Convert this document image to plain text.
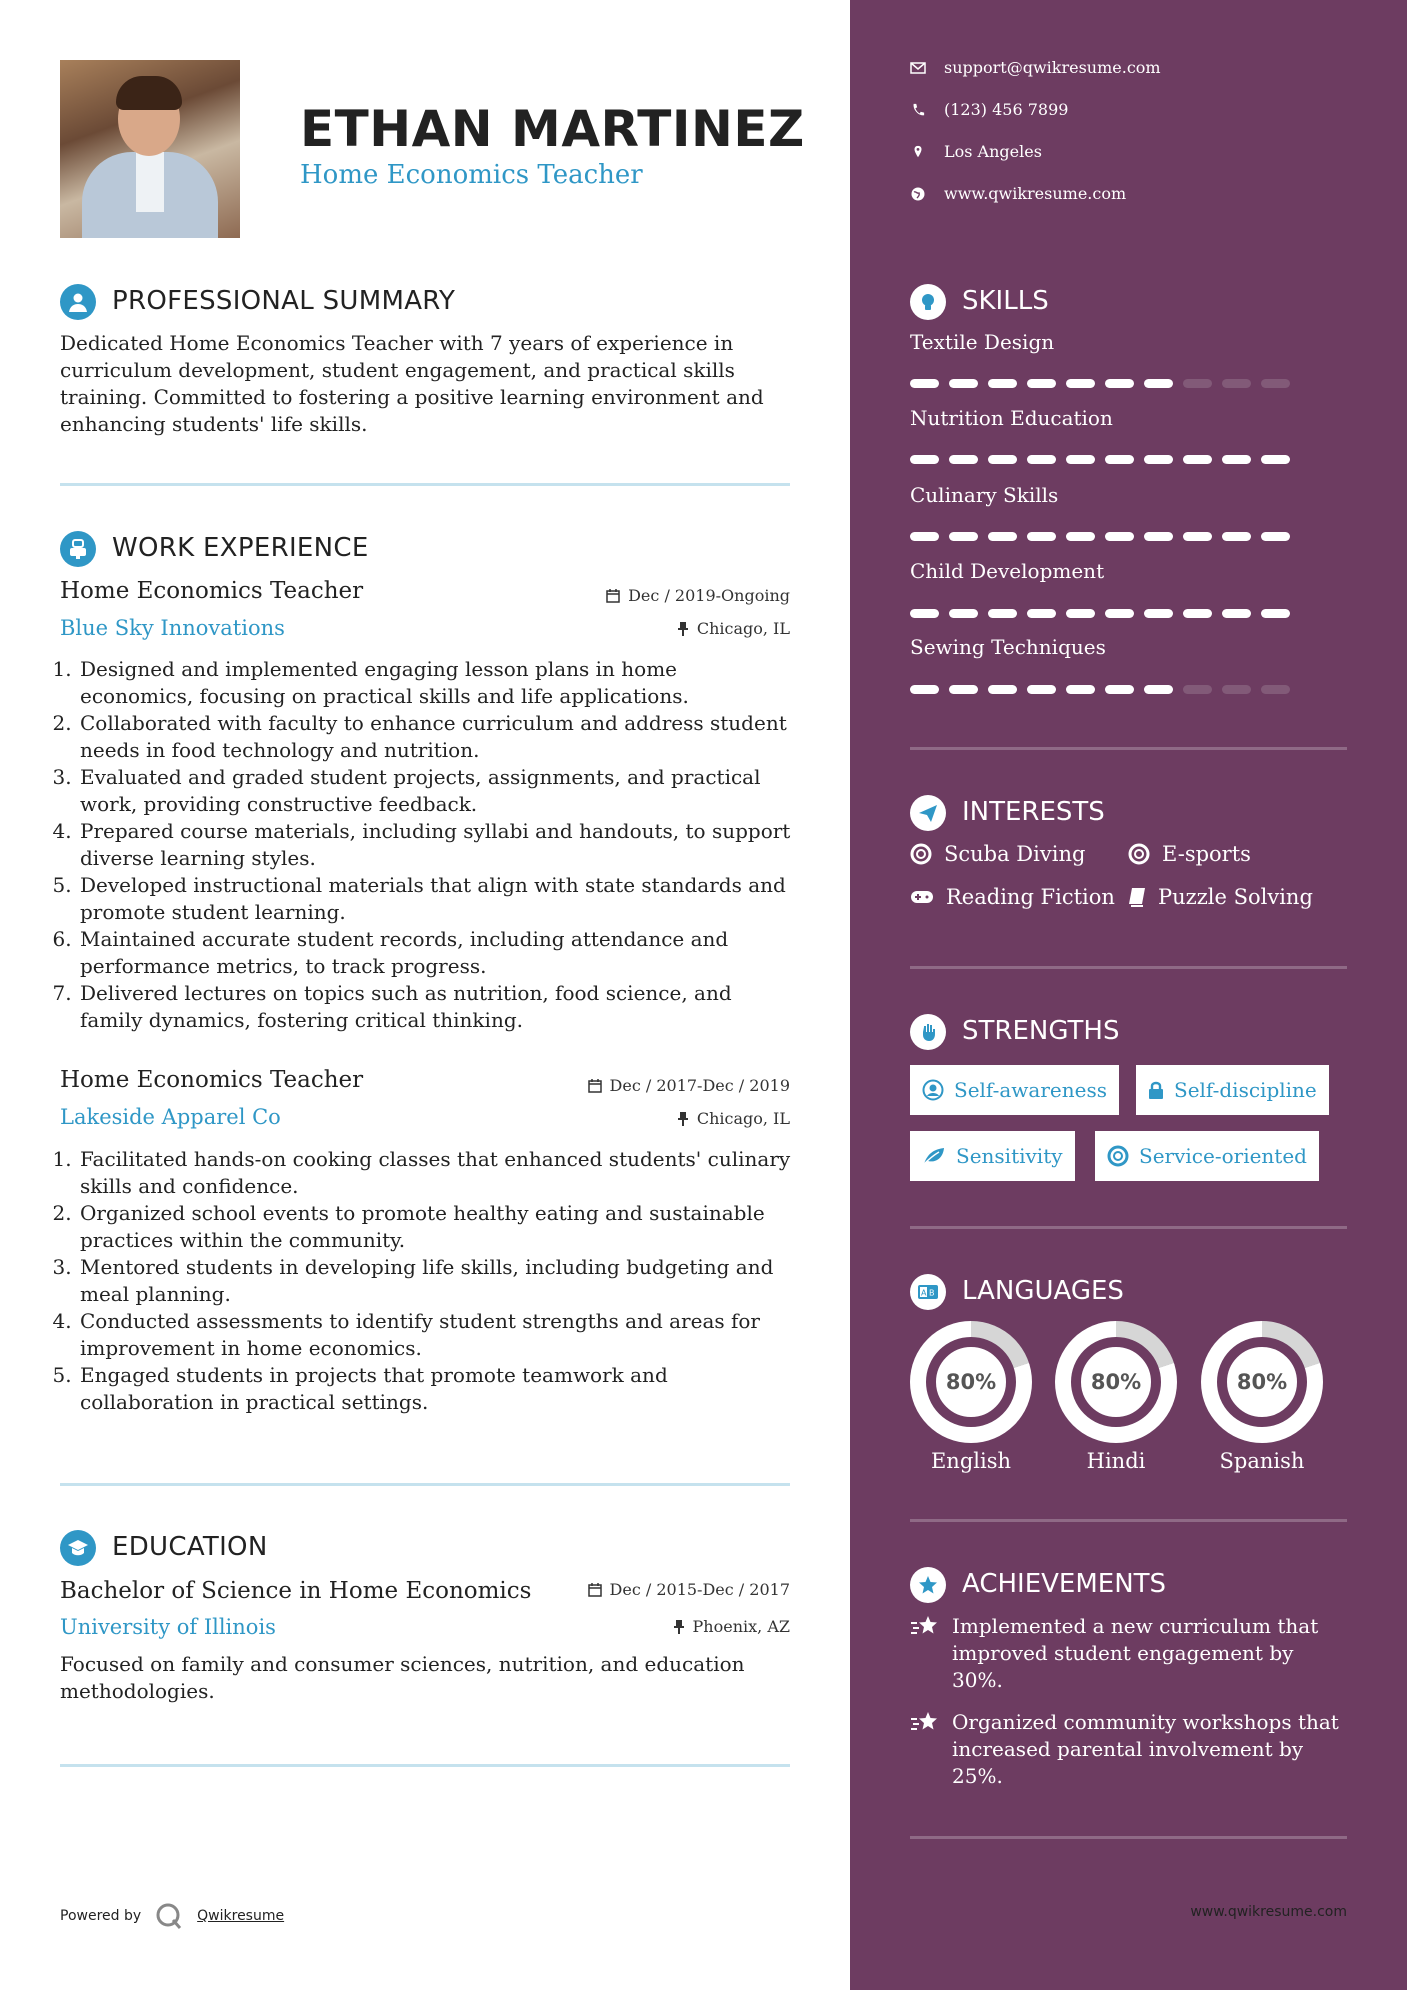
ETHAN MARTINEZ
Home Economics Teacher
PROFESSIONAL SUMMARY
Dedicated Home Economics Teacher with 7 years of experience in curriculum development, student engagement, and practical skills training. Committed to fostering a positive learning environment and enhancing students' life skills.
WORK EXPERIENCE
Home Economics Teacher	Dec / 2019-Ongoing
Blue Sky Innovations	Chicago, IL
1. Designed and implemented engaging lesson plans in home economics, focusing on practical skills and life applications.
2. Collaborated with faculty to enhance curriculum and address student needs in food technology and nutrition.
3. Evaluated and graded student projects, assignments, and practical work, providing constructive feedback.
4. Prepared course materials, including syllabi and handouts, to support diverse learning styles.
5. Developed instructional materials that align with state standards and promote student learning.
6. Maintained accurate student records, including attendance and performance metrics, to track progress.
7. Delivered lectures on topics such as nutrition, food science, and family dynamics, fostering critical thinking.
Home Economics Teacher	Dec / 2017-Dec / 2019
Lakeside Apparel Co	Chicago, IL
1. Facilitated hands-on cooking classes that enhanced students' culinary skills and confidence.
2. Organized school events to promote healthy eating and sustainable practices within the community.
3. Mentored students in developing life skills, including budgeting and meal planning.
4. Conducted assessments to identify student strengths and areas for improvement in home economics.
5. Engaged students in projects that promote teamwork and collaboration in practical settings.
EDUCATION
Bachelor of Science in Home Economics	Dec / 2015-Dec / 2017
University of Illinois	Phoenix, AZ
Focused on family and consumer sciences, nutrition, and education methodologies.
Powered by	Qwikresume
support@qwikresume.com
(123) 456 7899
Los Angeles
www.qwikresume.com
SKILLS
Textile Design
Nutrition Education
Culinary Skills
Child Development
Sewing Techniques
INTERESTS
Scuba Diving	E-sports
Reading Fiction Puzzle Solving
STRENGTHS
Self-awareness	Self-discipline
Sensitivity	Service-oriented
A B LANGUAGES
80%
English
80%
Hindi
80%
Spanish
ACHIEVEMENTS
Implemented a new curriculum that improved student engagement by 30%.
Organized community workshops that increased parental involvement by 25%.
www.qwikresume.com
